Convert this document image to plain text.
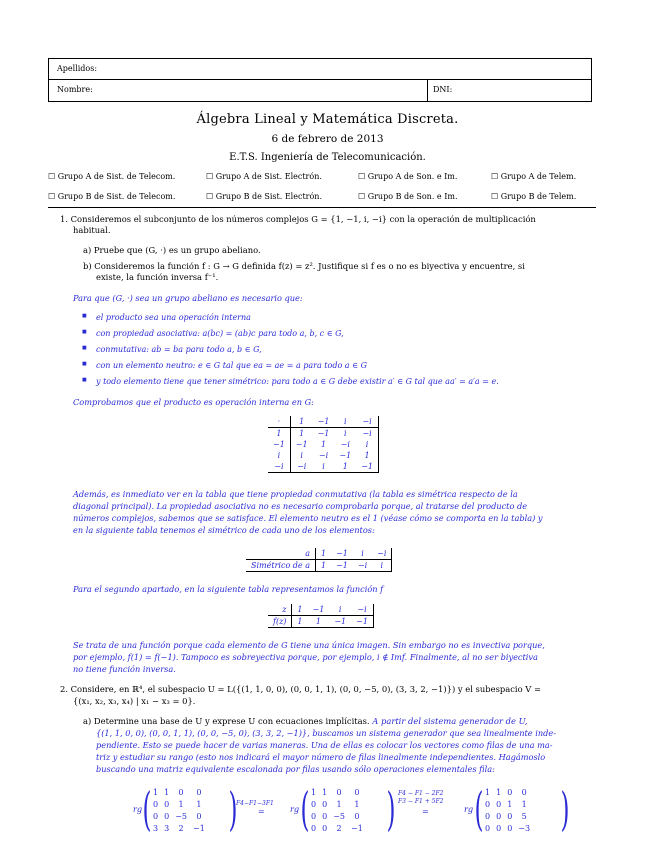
Apellidos:
Nombre:	DNI:
Álgebra Lineal y Matemática Discreta.
6 de febrero de 2013
E.T.S. Ingeniería de Telecomunicación.
☐ Grupo A de Sist. de Telecom.	☐ Grupo A de Sist. Electrón.	☐ Grupo A de Son. e Im.	☐ Grupo A de Telem.
☐ Grupo B de Sist. de Telecom.	☐ Grupo B de Sist. Electrón.	☐ Grupo B de Son. e Im.	☐ Grupo B de Telem.
1. Consideremos el subconjunto de los números complejos G = {1, −1, i, −i} con la operación de multiplicación
habitual.
a) Pruebe que (G, ·) es un grupo abeliano.
b) Consideremos la función f : G → G definida f(z) = z². Justifique si f es o no es biyectiva y encuentre, si
existe, la función inversa f⁻¹.
Para que (G, ·) sea un grupo abeliano es necesario que:
■ el producto sea una operación interna
■ con propiedad asociativa: a(bc) = (ab)c para todo a, b, c ∈ G,
■ conmutativa: ab = ba para todo a, b ∈ G,
■ con un elemento neutro: e ∈ G tal que ea = ae = a para todo a ∈ G
■ y todo elemento tiene que tener simétrico: para todo a ∈ G debe existir a′ ∈ G tal que aa′ = a′a = e.
Comprobamos que el producto es operación interna en G:
·	1	−1	i	−i
1	1	−1	i	−i
−1	−1	1	−i	i
i	i	−i	−1	1
−i	−i	i	1	−1
Además, es inmediato ver en la tabla que tiene propiedad conmutativa (la tabla es simétrica respecto de la
diagonal principal). La propiedad asociativa no es necesario comprobarla porque, al tratarse del producto de
números complejos, sabemos que se satisface. El elemento neutro es el 1 (véase cómo se comporta en la tabla) y
en la siguiente tabla tenemos el simétrico de cada uno de los elementos:
a	1	−1	i	−i
Simétrico de a	1	−1	−i	i
Para el segundo apartado, en la siguiente tabla representamos la función f
z	1	−1	i	−i
f(z)	1	1	−1	−1
Se trata de una función porque cada elemento de G tiene una única imagen. Sin embargo no es invectiva porque,
por ejemplo, f(1) = f(−1). Tampoco es sobreyectiva porque, por ejemplo, i ∉ Imf. Finalmente, al no ser biyectiva
no tiene función inversa.
2. Considere, en ℝ⁴, el subespacio U = L({(1, 1, 0, 0), (0, 0, 1, 1), (0, 0, −5, 0), (3, 3, 2, −1)}) y el subespacio V =
{(x₁, x₂, x₃, x₄) | x₁ − x₃ = 0}.
a) Determine una base de U y exprese U con ecuaciones implícitas. A partir del sistema generador de U,
{(1, 1, 0, 0), (0, 0, 1, 1), (0, 0, −5, 0), (3, 3, 2, −1)}, buscamos un sistema generador que sea linealmente inde-
pendiente. Esto se puede hacer de varias maneras. Una de ellas es colocar los vectores como filas de una ma-
triz y estudiar su rango (esto nos indicará el mayor número de filas linealmente independientes. Hagámoslo
buscando una matriz equivalente escalonada por filas usando sólo operaciones elementales fila:
rg ( 1	1	0	0
0	0	1	1
0	0	−5	0
3	3	2	−1 )
F4−F1−3F1
=	rg ( 1	1	0	0
0	0	1	1
0	0	−5	0
0	0	2	−1 ) F4 − F1 − 2F2
F3 − F1 + 5F2
=	rg ( 1	1	0	0
0	0	1	1
0	0	0	5
0	0	0	−3 )
